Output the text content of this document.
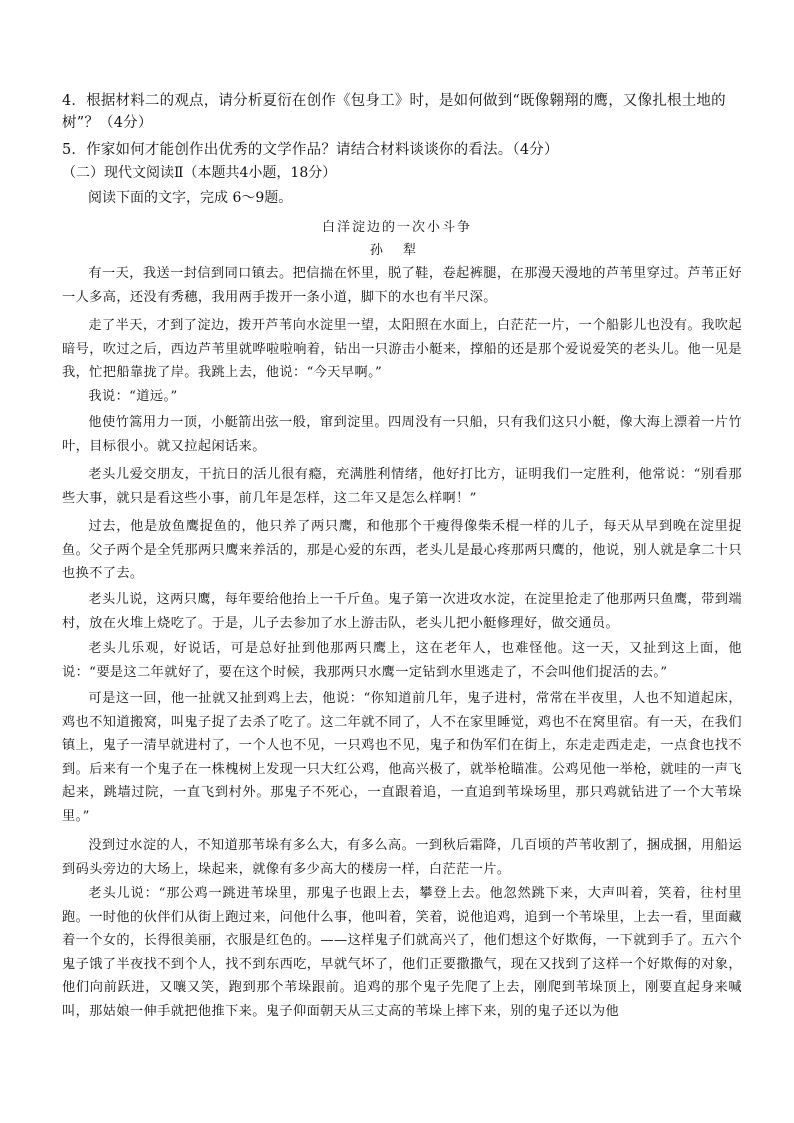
4．根据材料二的观点，请分析夏衍在创作《包身工》时，是如何做到“既像翱翔的鹰，又像扎根土地的树”？（4分）
5．作家如何才能创作出优秀的文学作品？请结合材料谈谈你的看法。（4分）
（二）现代文阅读Ⅱ（本题共4小题，18分）
阅读下面的文字，完成 6～9题。
白洋淀边的一次小斗争
孙 犁
有一天，我送一封信到同口镇去。把信揣在怀里，脱了鞋，卷起裤腿，在那漫天漫地的芦苇里穿过。芦苇正好一人多高，还没有秀穗，我用两手拨开一条小道，脚下的水也有半尺深。
走了半天，才到了淀边，拨开芦苇向水淀里一望，太阳照在水面上，白茫茫一片，一个船影儿也没有。我吹起暗号，吹过之后，西边芦苇里就哗啦啦响着，钻出一只游击小艇来，撑船的还是那个爱说爱笑的老头儿。他一见是我，忙把船靠拢了岸。我跳上去，他说：“今天早啊。”
我说：“道远。”
他使竹篙用力一顶，小艇箭出弦一般，窜到淀里。四周没有一只船，只有我们这只小艇，像大海上漂着一片竹叶，目标很小。就又拉起闲话来。
老头儿爱交朋友，干抗日的活儿很有瘾，充满胜利情绪，他好打比方，证明我们一定胜利，他常说：“别看那些大事，就只是看这些小事，前几年是怎样，这二年又是怎么样啊！”
过去，他是放鱼鹰捉鱼的，他只养了两只鹰，和他那个干瘦得像柴禾棍一样的儿子，每天从早到晚在淀里捉鱼。父子两个是全凭那两只鹰来养活的，那是心爱的东西，老头儿是最心疼那两只鹰的，他说，别人就是拿二十只也换不了去。
老头儿说，这两只鹰，每年要给他抬上一千斤鱼。鬼子第一次进攻水淀，在淀里抢走了他那两只鱼鹰，带到端村，放在火堆上烧吃了。于是，儿子去参加了水上游击队，老头儿把小艇修理好，做交通员。
老头儿乐观，好说话，可是总好扯到他那两只鹰上，这在老年人，也难怪他。这一天，又扯到这上面，他说：“要是这二年就好了，要在这个时候，我那两只水鹰一定钻到水里逃走了，不会叫他们捉活的去。”
可是这一回，他一扯就又扯到鸡上去，他说：“你知道前几年，鬼子进村，常常在半夜里，人也不知道起床，鸡也不知道搬窝，叫鬼子捉了去杀了吃了。这二年就不同了，人不在家里睡觉，鸡也不在窝里宿。有一天，在我们镇上，鬼子一清早就进村了，一个人也不见，一只鸡也不见，鬼子和伪军们在街上，东走走西走走，一点食也找不到。后来有一个鬼子在一株槐树上发现一只大红公鸡，他高兴极了，就举枪瞄准。公鸡见他一举枪，就哇的一声飞起来，跳墙过院，一直飞到村外。那鬼子不死心，一直跟着追，一直追到苇垛场里，那只鸡就钻进了一个大苇垛里。”
没到过水淀的人，不知道那苇垛有多么大，有多么高。一到秋后霜降，几百顷的芦苇收割了，捆成捆，用船运到码头旁边的大场上，垛起来，就像有多少高大的楼房一样，白茫茫一片。
老头儿说：“那公鸡一跳进苇垛里，那鬼子也跟上去，攀登上去。他忽然跳下来，大声叫着，笑着，往村里跑。一时他的伙伴们从街上跑过来，问他什么事，他叫着，笑着，说他追鸡，追到一个苇垛里，上去一看，里面藏着一个女的，长得很美丽，衣服是红色的。——这样鬼子们就高兴了，他们想这个好欺侮，一下就到手了。五六个鬼子饿了半夜找不到个人，找不到东西吃，早就气坏了，他们正要撒撒气，现在又找到了这样一个好欺侮的对象，他们向前跃进，又嚷又笑，跑到那个苇垛跟前。追鸡的那个鬼子先爬了上去，刚爬到苇垛顶上，刚要直起身来喊叫，那姑娘一伸手就把他推下来。鬼子仰面朝天从三丈高的苇垛上摔下来，别的鬼子还以为他
